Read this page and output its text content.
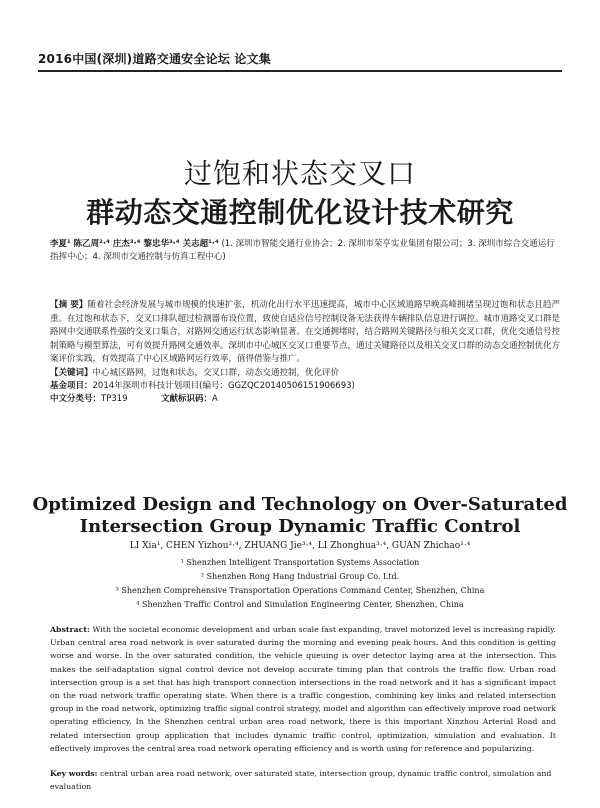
2016中国(深圳)道路交通安全论坛 论文集
过饱和状态交叉口
群动态交通控制优化设计技术研究
李夏¹ 陈乙周²·⁴ 庄杰³·⁴ 黎忠华³·⁴ 关志超¹·⁴ (1. 深圳市智能交通行业协会；2. 深圳市荣亨实业集团有限公司；3. 深圳市综合交通运行指挥中心；4. 深圳市交通控制与仿真工程中心)
【摘 要】随着社会经济发展与城市规模的快速扩张，机动化出行水平迅速提高，城市中心区域道路早晚高峰拥堵呈现过饱和状态且趋严重。在过饱和状态下，交叉口排队超过检测器布设位置，致使自适应信号控制设备无法获得车辆排队信息进行调控。城市道路交叉口群是路网中交通联系性强的交叉口集合，对路网交通运行状态影响显著。在交通拥堵时，结合路网关键路径与相关交叉口群，优化交通信号控制策略与模型算法，可有效提升路网交通效率。深圳市中心城区交叉口重要节点，通过关键路径以及相关交叉口群的动态交通控制优化方案评价实践，有效提高了中心区域路网运行效率，值得借鉴与推广。
【关键词】中心城区路网，过饱和状态，交叉口群，动态交通控制，优化评价
基金项目：2014年深圳市科技计划项目(编号：GGZQC20140506151906693)
中文分类号：TP319	文献标识码：A
Optimized Design and Technology on Over-Saturated Intersection Group Dynamic Traffic Control
LI Xia¹, CHEN Yizhou²·⁴, ZHUANG Jie³·⁴, LI Zhonghua³·⁴, GUAN Zhichao¹·⁴
¹ Shenzhen Intelligent Transportation Systems Association
² Shenzhen Rong Hang Industrial Group Co. Ltd.
³ Shenzhen Comprehensive Transportation Operations Command Center, Shenzhen, China
⁴ Shenzhen Traffic Control and Simulation Engineering Center, Shenzhen, China
Abstract: With the societal economic development and urban scale fast expanding, travel motorized level is increasing rapidly. Urban central area road network is over saturated during the morning and evening peak hours. And this condition is getting worse and worse. In the over saturated condition, the vehicle queuing is over detector laying area at the intersection. This makes the self-adaptation signal control device not develop accurate timing plan that controls the traffic flow. Urban road intersection group is a set that has high transport connection intersections in the road network and it has a significant impact on the road network traffic operating state. When there is a traffic congestion, combining key links and related intersection group in the road network, optimizing traffic signal control strategy, model and algorithm can effectively improve road network operating efficiency. In the Shenzhen central urban area road network, there is this important Xinzhou Arterial Road and related intersection group application that includes dynamic traffic control, optimization, simulation and evaluation. It effectively improves the central area road network operating efficiency and is worth using for reference and popularizing.
Key words: central urban area road network, over saturated state, intersection group, dynamic traffic control, simulation and evaluation
